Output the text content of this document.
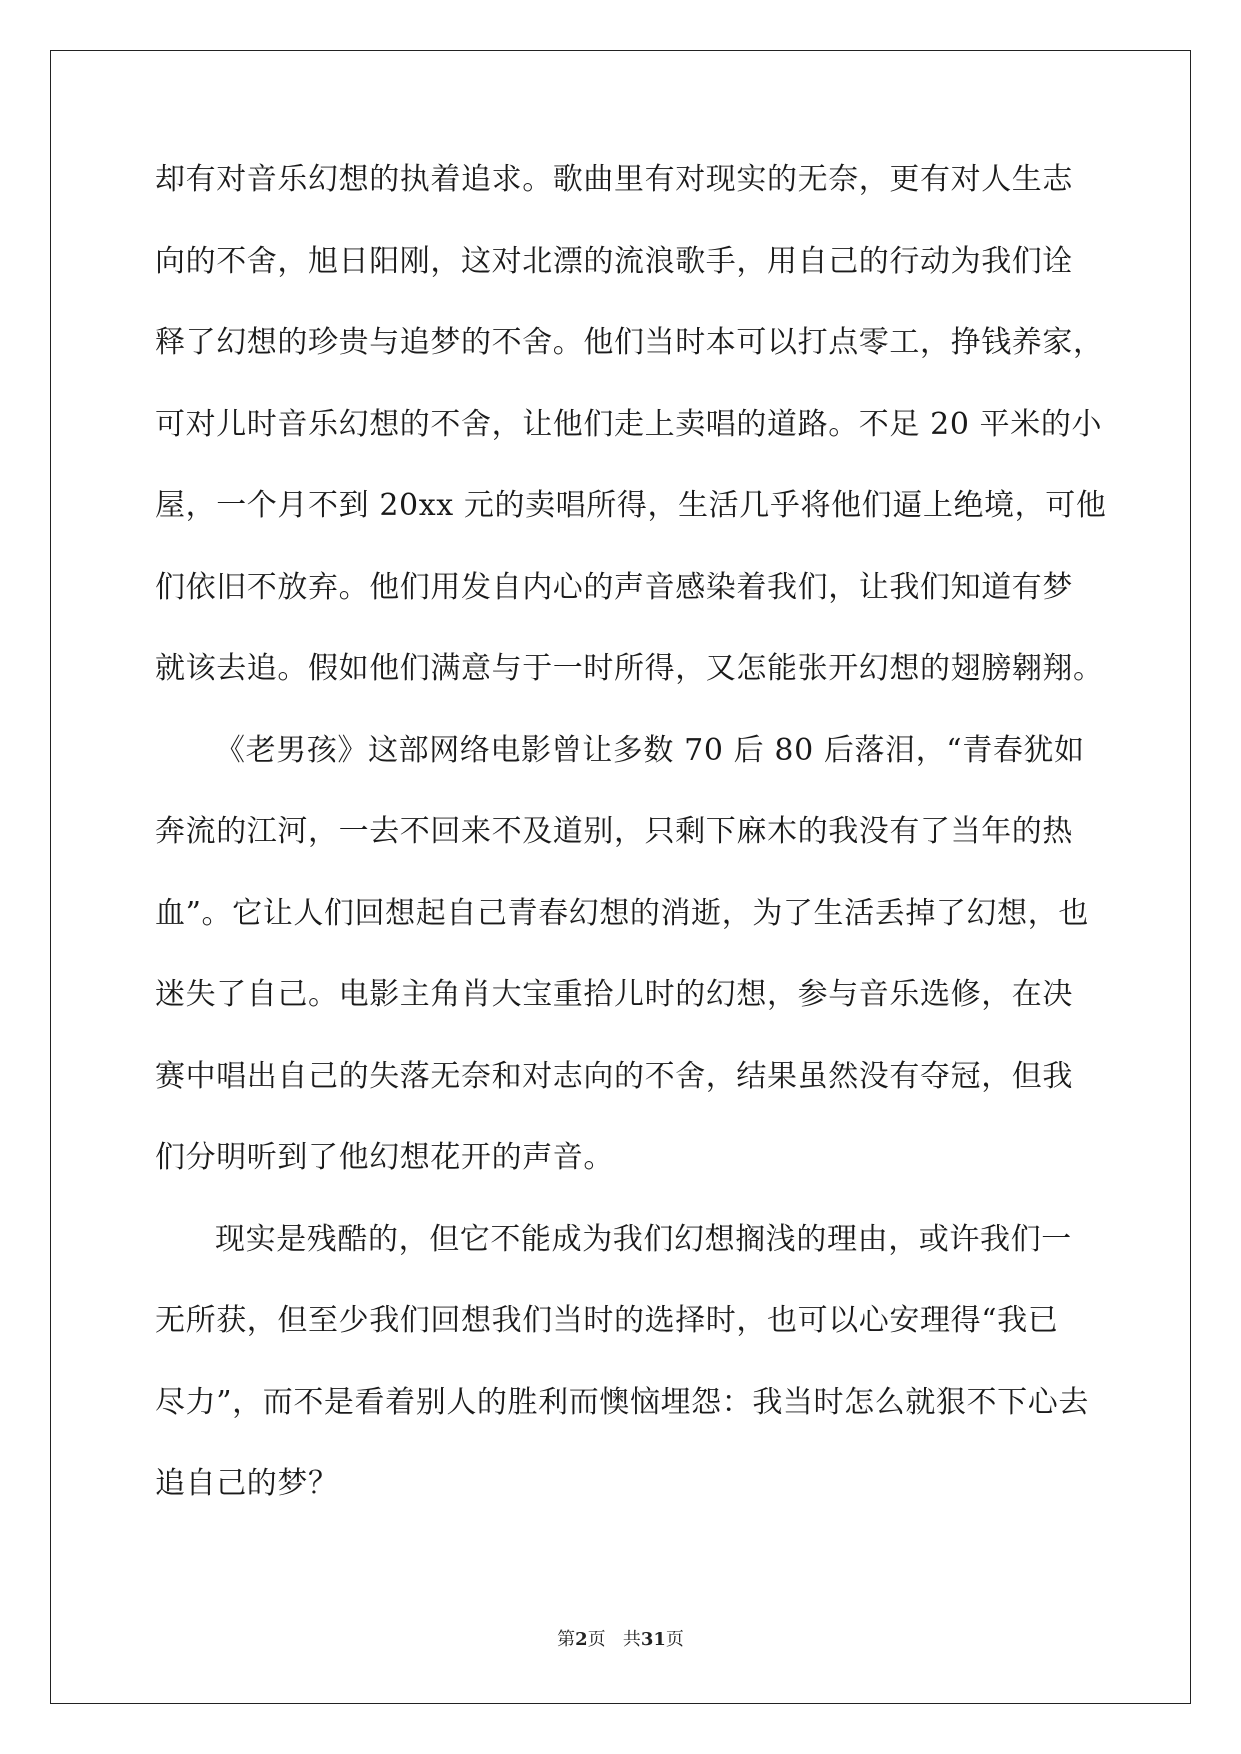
却有对音乐幻想的执着追求。歌曲里有对现实的无奈，更有对人生志
向的不舍，旭日阳刚，这对北漂的流浪歌手，用自己的行动为我们诠
释了幻想的珍贵与追梦的不舍。他们当时本可以打点零工，挣钱养家，
可对儿时音乐幻想的不舍，让他们走上卖唱的道路。不足 20 平米的小
屋，一个月不到 20xx 元的卖唱所得，生活几乎将他们逼上绝境，可他
们依旧不放弃。他们用发自内心的声音感染着我们，让我们知道有梦
就该去追。假如他们满意与于一时所得，又怎能张开幻想的翅膀翱翔。
《老男孩》这部网络电影曾让多数 70 后 80 后落泪，“青春犹如
奔流的江河，一去不回来不及道别，只剩下麻木的我没有了当年的热
血”。它让人们回想起自己青春幻想的消逝，为了生活丢掉了幻想，也
迷失了自己。电影主角肖大宝重拾儿时的幻想，参与音乐选修，在决
赛中唱出自己的失落无奈和对志向的不舍，结果虽然没有夺冠，但我
们分明听到了他幻想花开的声音。
现实是残酷的，但它不能成为我们幻想搁浅的理由，或许我们一
无所获，但至少我们回想我们当时的选择时，也可以心安理得“我已
尽力”，而不是看着别人的胜利而懊恼埋怨：我当时怎么就狠不下心去
追自己的梦？
第2页 共31页
